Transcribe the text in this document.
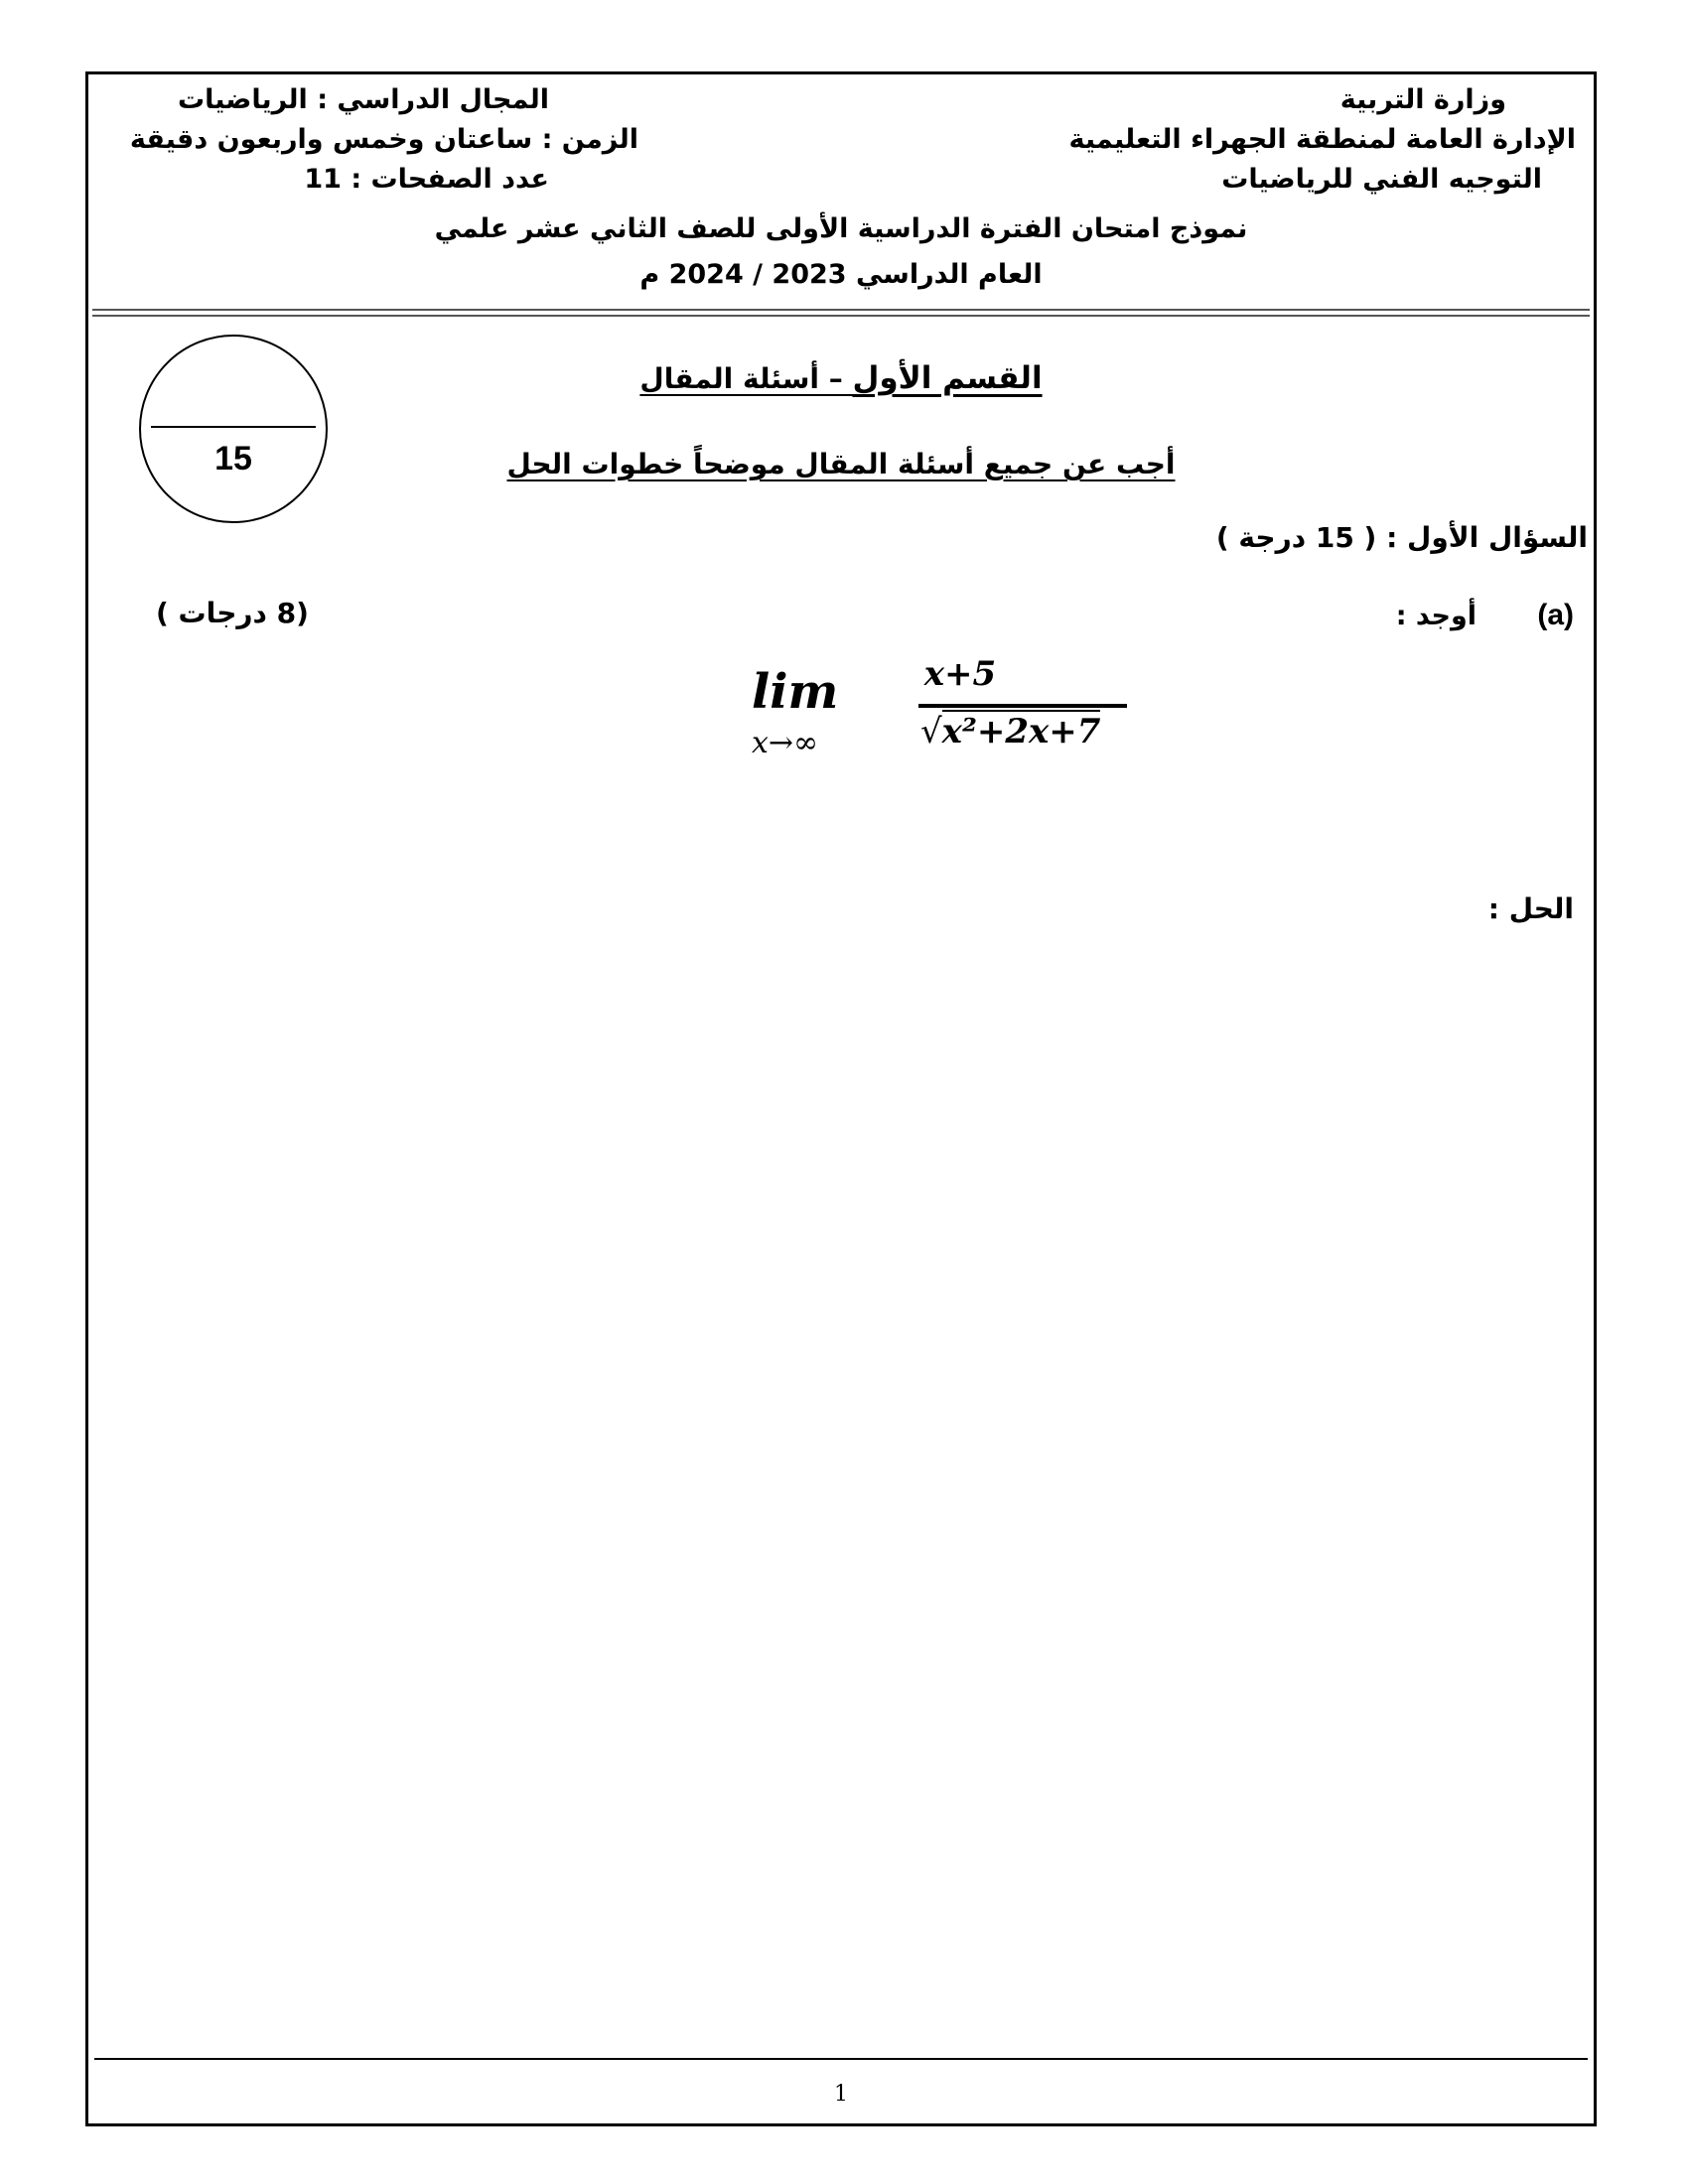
وزارة التربية
الإدارة العامة لمنطقة الجهراء التعليمية
التوجيه الفني للرياضيات
المجال الدراسي : الرياضيات
الزمن : ساعتان وخمس واربعون دقيقة
عدد الصفحات : 11
نموذج امتحان الفترة الدراسية الأولى للصف الثاني عشر علمي
العام الدراسي 2023 / 2024 م
15
القسم الأول – أسئلة المقال
أجب عن جميع أسئلة المقال موضحاً خطوات الحل
السؤال الأول : ( 15 درجة )
(a)
أوجد :
(8 درجات )
lim
x→∞
x+5
√x²+2x+7
الحل :
1
